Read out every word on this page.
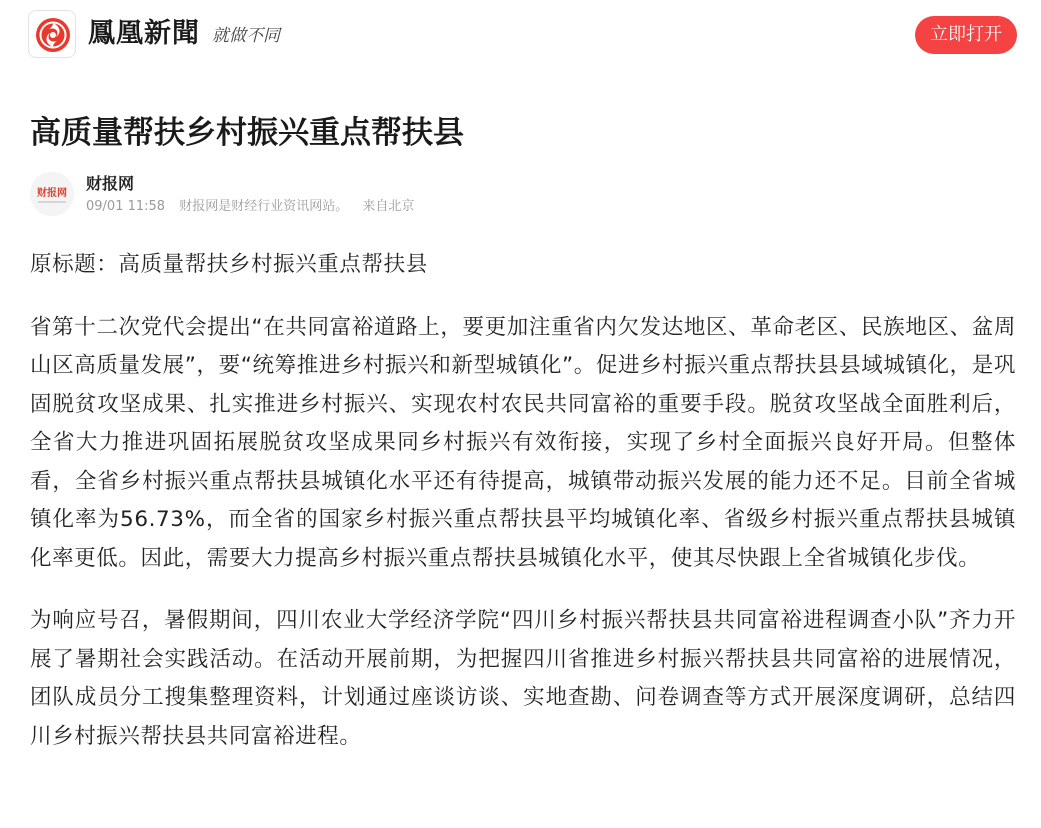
鳳凰新聞 就做不同	立即打开
高质量帮扶乡村振兴重点帮扶县
财报网
财报网
09/01 11:58 财报网是财经行业资讯网站。 来自北京

原标题：高质量帮扶乡村振兴重点帮扶县

省第十二次党代会提出“在共同富裕道路上，要更加注重省内欠发达地区、革命老区、民族地区、盆周山区高质量发展”，要“统筹推进乡村振兴和新型城镇化”。促进乡村振兴重点帮扶县县域城镇化，是巩固脱贫攻坚成果、扎实推进乡村振兴、实现农村农民共同富裕的重要手段。脱贫攻坚战全面胜利后，全省大力推进巩固拓展脱贫攻坚成果同乡村振兴有效衔接，实现了乡村全面振兴良好开局。但整体看，全省乡村振兴重点帮扶县城镇化水平还有待提高，城镇带动振兴发展的能力还不足。目前全省城镇化率为56.73%，而全省的国家乡村振兴重点帮扶县平均城镇化率、省级乡村振兴重点帮扶县城镇化率更低。因此，需要大力提高乡村振兴重点帮扶县城镇化水平，使其尽快跟上全省城镇化步伐。

为响应号召，暑假期间，四川农业大学经济学院“四川乡村振兴帮扶县共同富裕进程调查小队”齐力开展了暑期社会实践活动。在活动开展前期，为把握四川省推进乡村振兴帮扶县共同富裕的进展情况，团队成员分工搜集整理资料，计划通过座谈访谈、实地查勘、问卷调查等方式开展深度调研，总结四川乡村振兴帮扶县共同富裕进程。
